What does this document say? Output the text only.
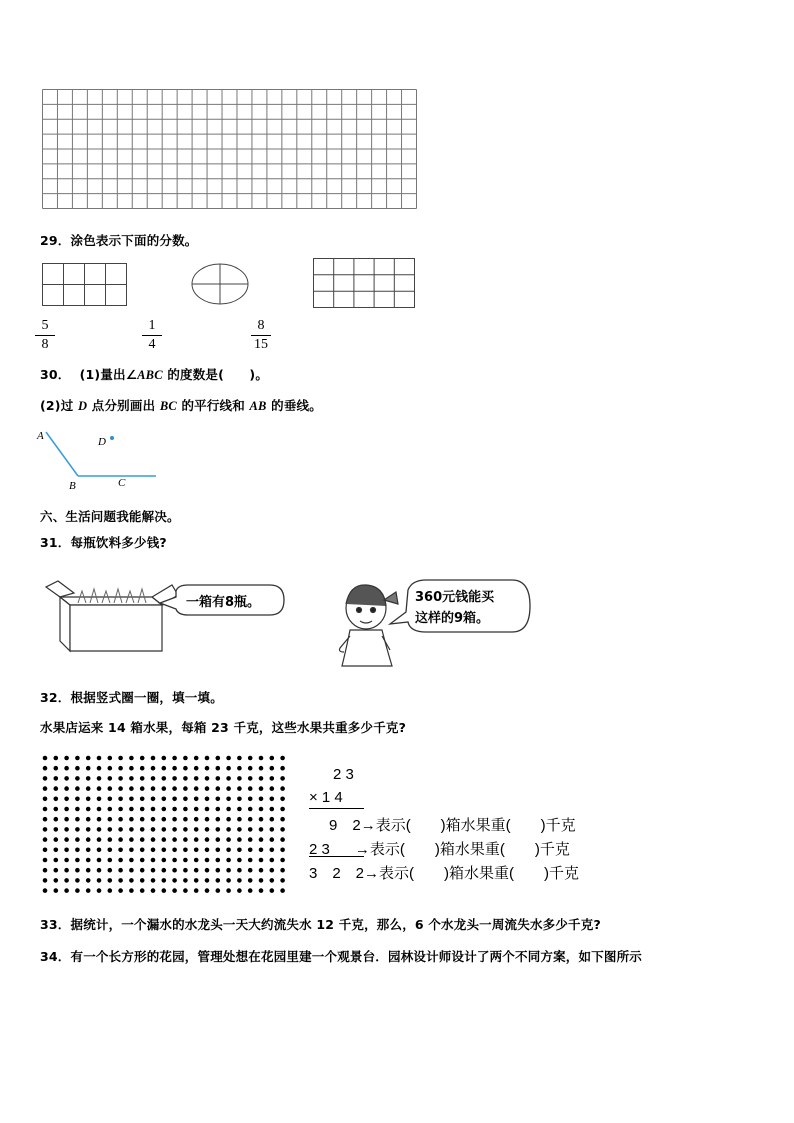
29．涂色表示下面的分数。
5
8
1
4
8
15
30． (1)量出∠ABC 的度数是(　　)。
(2)过 D 点分别画出 BC 的平行线和 AB 的垂线。
A
B	C
D
六、生活问题我能解决。
31．每瓶饮料多少钱?
一箱有8瓶。	360元钱能买
这样的9箱。
32．根据竖式圈一圈，填一填。
水果店运来 14 箱水果，每箱 23 千克，这些水果共重多少千克?
2 3
× 1 4
9　2→表示(　　)箱水果重(　　)千克
2 3 →表示(　　)箱水果重(　　)千克
3　2　2→表示(　　)箱水果重(　　)千克
33．据统计，一个漏水的水龙头一天大约流失水 12 千克，那么，6 个水龙头一周流失水多少千克?
34．有一个长方形的花园，管理处想在花园里建一个观景台．园林设计师设计了两个不同方案，如下图所示
